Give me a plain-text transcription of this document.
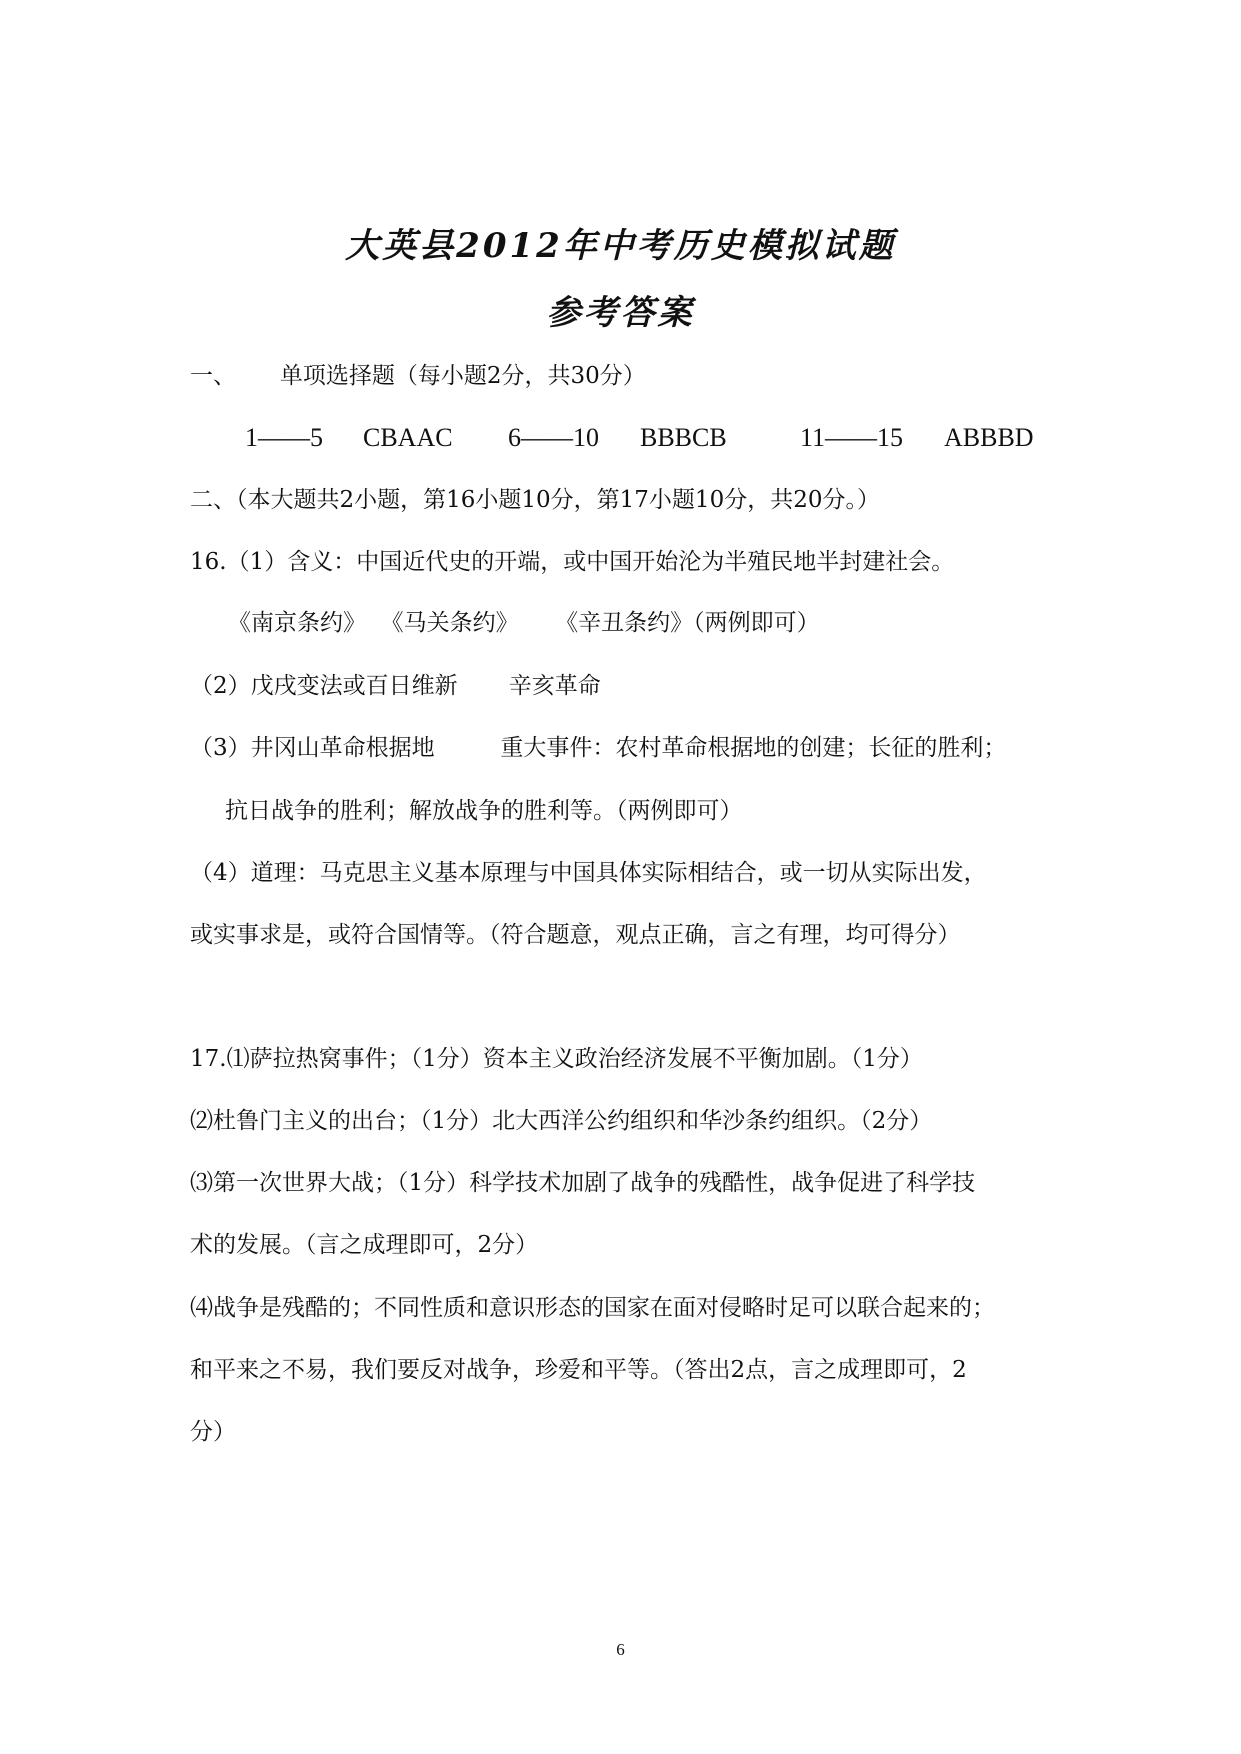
大英县2012年中考历史模拟试题
参考答案
一、      单项选择题（每小题2分，共30分）
1——5 CBAAC 6——10 BBBCB	11——15 ABBBD
二、（本大题共2小题，第16小题10分，第17小题10分，共20分。）
16.（1）含义：中国近代史的开端，或中国开始沦为半殖民地半封建社会。
《南京条约》  《马关条约》     《辛丑条约》（两例即可）
（2）戊戌变法或百日维新       辛亥革命
（3）井冈山革命根据地         重大事件：农村革命根据地的创建；长征的胜利；
抗日战争的胜利；解放战争的胜利等。（两例即可）
（4）道理：马克思主义基本原理与中国具体实际相结合，或一切从实际出发，
或实事求是，或符合国情等。（符合题意，观点正确，言之有理，均可得分）
17.⑴萨拉热窝事件；（1分）资本主义政治经济发展不平衡加剧。（1分）
⑵杜鲁门主义的出台；（1分）北大西洋公约组织和华沙条约组织。（2分）
⑶第一次世界大战；（1分）科学技术加剧了战争的残酷性，战争促进了科学技
术的发展。（言之成理即可，2分）
⑷战争是残酷的；不同性质和意识形态的国家在面对侵略时足可以联合起来的；
和平来之不易，我们要反对战争，珍爱和平等。（答出2点，言之成理即可，2
分）
6
